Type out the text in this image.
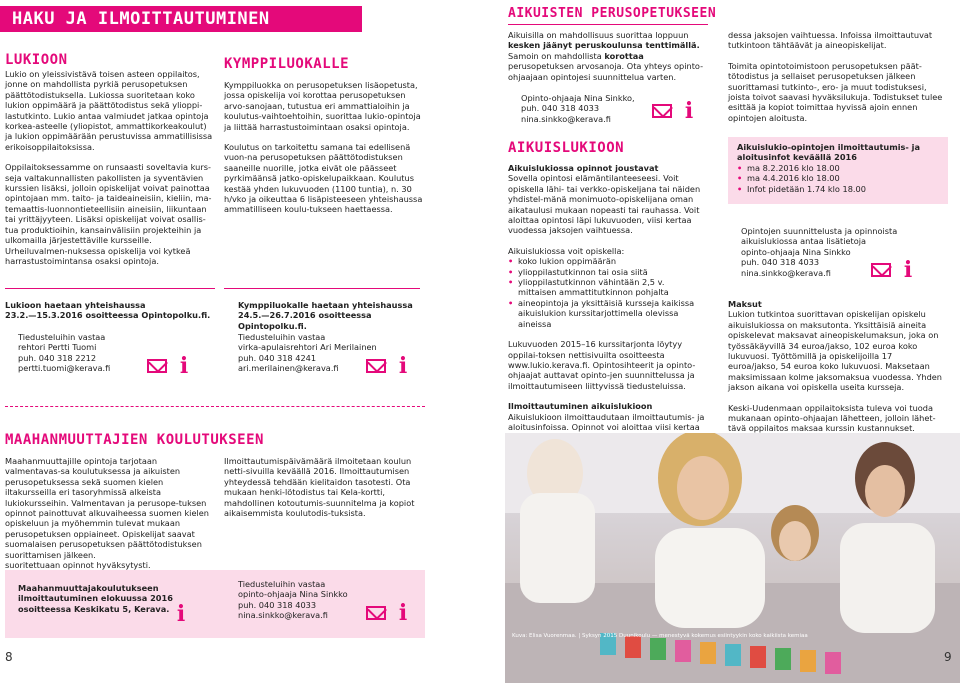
HAKU JA ILMOITTAUTUMINEN OPINTOIHIN
LUKIOON

Lukio on yleissivistävä toisen asteen oppilaitos, jonne on mahdollista pyrkiä perusopetuksen päättötodistuksella. Lukiossa suoritetaan koko lukion oppimäärä ja päättötodistus sekä ylioppi-lastutkinto. Lukio antaa valmiudet jatkaa opintoja korkea-asteelle (yliopistot, ammattikorkeakoulut) ja lukion oppimäärään perustuvissa ammatillisissa erikoisoppilaitoksissa.

Oppilaitoksessamme on runsaasti soveltavia kurs-seja valtakunnallisten pakollisten ja syventävien kurssien lisäksi, jolloin opiskelijat voivat painottaa opintojaan mm. taito- ja taideaineisiin, kieliin, ma-temaattis-luonnontieteellisiin aineisiin, liikuntaan tai yrittäjyyteen. Lisäksi opiskelijat voivat osallis-tua produktioihin, kansainvälisiin projekteihin ja ulkomailla järjestettäville kursseille. Urheiluvalmen-nuksessa opiskelija voi kytkeä harrastustoimintansa osaksi opintoja.

Lukioon haetaan yhteishaussa
23.2.—15.3.2016 osoitteessa Opintopolku.fi.
Tiedusteluihin vastaa
rehtori Pertti Tuomi
puh. 040 318 2212
pertti.tuomi@kerava.fi	i
KYMPPILUOKALLE

Kymppiluokka on perusopetuksen lisäopetusta, jossa opiskelija voi korottaa perusopetuksen arvo-sanojaan, tutustua eri ammattialoihin ja koulutus-vaihtoehtoihin, suorittaa lukio-opintoja ja liittää harrastustoimintaan osaksi opintoja.

Koulutus on tarkoitettu samana tai edellisenä vuon-na perusopetuksen päättötodistuksen saaneille nuorille, jotka eivät ole päässeet pyrkimäänsä jatko-opiskelupaikkaan. Koulutus kestää yhden lukuvuoden (1100 tuntia), n. 30 h/vko ja oikeuttaa 6 lisäpisteeseen yhteishaussa ammatilliseen koulu-tukseen haettaessa.

Kymppiluokalle haetaan yhteishaussa
24.5.—26.7.2016 osoitteessa Opintopolku.fi.
Tiedusteluihin vastaa
virka-apulaisrehtori Ari Merilainen
puh. 040 318 4241
ari.merilainen@kerava.fi	i
MAAHANMUUTTAJIEN KOULUTUKSEEN
Maahanmuuttajille opintoja tarjotaan valmentavas-sa koulutuksessa ja aikuisten perusopetuksessa sekä suomen kielen iltakursseilla eri tasoryhmissä alkeista lukiokursseihin. Valmentavan ja perusope-tuksen opinnot painottuvat alkuvaiheessa suomen kielen opiskeluun ja myöhemmin tulevat mukaan perusopetuksen oppiaineet. Opiskelijat saavat suomalaisen perusopetuksen päättötodistuksen suorittamisen jälkeen.
suoritettuaan opinnot hyväksytysti.
Ilmoittautumispäivämäärä ilmoitetaan koulun netti-sivuilla keväällä 2016. Ilmoittautumisen yhteydessä tehdään kielitaidon tasotesti. Ota mukaan henki-lötodistus tai Kela-kortti, mahdollinen kotoutumis-suunnitelma ja kopiot aikaisemmista koulutodis-tuksista.
Maahanmuuttajakoulutukseen
ilmoittautuminen elokuussa 2016
osoitteessa Keskikatu 5, Kerava.
Tiedusteluihin vastaa
opinto-ohjaaja Nina Sinkko
puh. 040 318 4033
nina.sinkko@kerava.fi
i	i
8
AIKUISTEN PERUSOPETUKSEEN
Aikuisilla on mahdollisuus suorittaa loppuun kesken jäänyt peruskoulunsa tenttimällä. Samoin on mahdollista korottaa perusopetuksen arvosanoja. Ota yhteys opinto-ohjaajaan opintojesi suunnittelua varten.
Opinto-ohjaaja Nina Sinkko,
puh. 040 318 4033
nina.sinkko@kerava.fi	i
AIKUISLUKIOON
Aikuislukiossa opinnot joustavat

Sovella opintosi elämäntilanteeseesi. Voit opiskella lähi- tai verkko-opiskeljana tai näiden yhdistel-mänä monimuoto-opiskelijana oman aikataulusi mukaan nopeasti tai rauhassa. Voit aloittaa opintosi läpi lukuvuoden, viisi kertaa vuodessa jaksojen vaihtuessa.

Aikuislukiossa voit opiskella:
• koko lukion oppimäärän
• ylioppilastutkinnon tai osia siitä
• ylioppilastutkinnon vähintään 2,5 v.
mittaisen ammattitutkinnon pohjalta
• aineopintoja ja yksittäisiä kursseja kaikissa
aikuislukion kurssitarjottimella olevissa aineissa

Lukuvuoden 2015–16 kurssitarjonta löytyy oppilai-toksen nettisivuilta osoitteesta www.lukio.kerava.fi. Opintosihteerit ja opinto-ohjaajat auttavat opinto-jen suunnittelussa ja ilmoittautumiseen liittyvissä tiedusteluissa.

Ilmoittautuminen aikuislukioon
Aikuislukioon ilmoittaudutaan ilmoittautumis- ja aloitusinfoissa. Opinnot voi aloittaa viisi kertaa

dessa jaksojen vaihtuessa. Infoissa ilmoittautuvat tutkintoon tähtäävät ja aineopiskelijat.

Toimita opintotoimistoon perusopetuksen päät-tötodistus ja sellaiset perusopetuksen jälkeen suorittamasi tutkinto-, ero- ja muut todistuksesi, joista toivot saavasi hyväksilukuja. Todistukset tulee esittää ja kopiot toimittaa hyvissä ajoin ennen opintojen aloitusta.

Aikuislukio-opintojen ilmoittautumis- ja aloitusinfot keväällä 2016
• ma 8.2.2016 klo 18.00
• ma 4.4.2016 klo 18.00
• Infot pidetään 1.74 klo 18.00
Opintojen suunnittelusta ja opinnoista
aikuislukiossa antaa lisätietoja
opinto-ohjaaja Nina Sinkko
puh. 040 318 4033
nina.sinkko@kerava.fi	i
Maksut

Lukion tutkintoa suorittavan opiskelijan opiskelu aikuislukiossa on maksutonta. Yksittäisiä aineita opiskelevat maksavat aineopiskelumaksun, joka on työssäkäyvillä 34 euroa/jakso, 102 euroa koko lukuvuosi. Työttömillä ja opiskelijoilla 17 euroa/jakso, 54 euroa koko lukuvuosi. Maksetaan maksimissaan kolme jaksomaksua vuodessa. Yhden jakson aikana voi opiskella useita kursseja.

Keski-Uudenmaan oppilaitoksista tuleva voi tuoda mukanaan opinto-ohjaajan lähetteen, jolloin lähet-tävä oppilaitos maksaa kurssin kustannukset.

Kuva: Elisa Vuorenmaa. | Syksyn 2015 Duunikoulu — menestyvä kokemus esiintyykin koko kaikiista kemiaa
9
